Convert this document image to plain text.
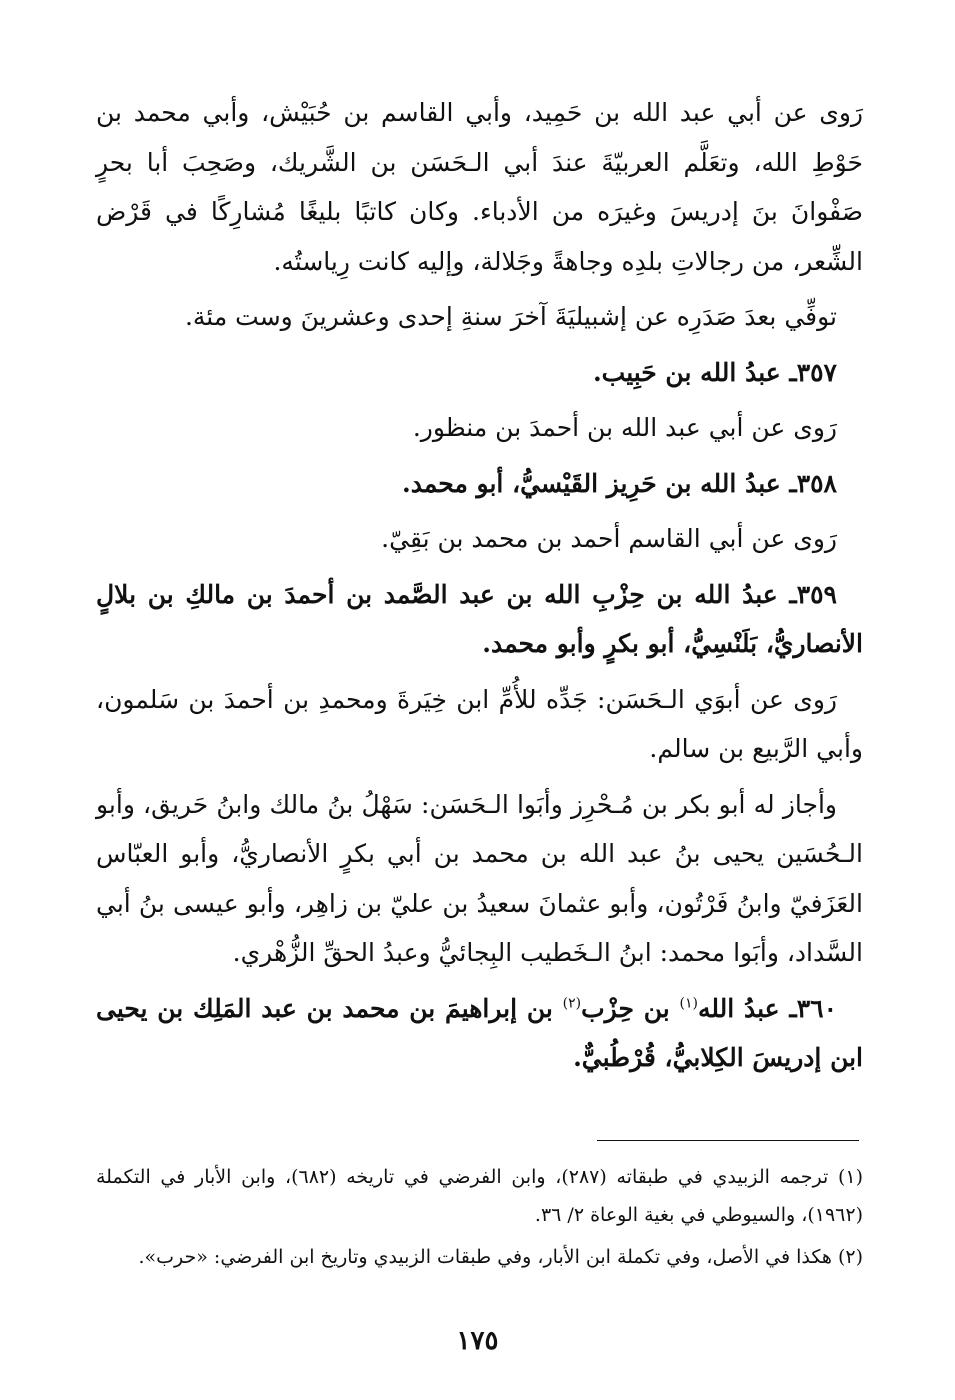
رَوى عن أبي عبد الله بن حَمِيد، وأبي القاسم بن حُبَيْش، وأبي محمد بن حَوْطِ الله، وتعَلَّم العربيّةَ عندَ أبي الـحَسَن بن الشَّريك، وصَحِبَ أبا بحرٍ صَفْوانَ بنَ إدريسَ وغيرَه من الأدباء. وكان كاتبًا بليغًا مُشارِكًا في قَرْض الشِّعر، من رجالاتِ بلدِه وجاهةً وجَلالة، وإليه كانت رِياستُه.

توفِّي بعدَ صَدَرِه عن إشبيليَةَ آخرَ سنةِ إحدى وعشرينَ وست مئة.

٣٥٧ـ عبدُ الله بن حَبِيب.

رَوى عن أبي عبد الله بن أحمدَ بن منظور.

٣٥٨ـ عبدُ الله بن حَرِيز القَيْسيُّ، أبو محمد.

رَوى عن أبي القاسم أحمد بن محمد بن بَقِيّ.

٣٥٩ـ عبدُ الله بن حِزْبِ الله بن عبد الصَّمد بن أحمدَ بن مالكِ بن بلالٍ الأنصاريُّ، بَلَنْسِيُّ، أبو بكرٍ وأبو محمد.

رَوى عن أبوَي الـحَسَن: جَدِّه للأُمِّ ابن خِيَرةَ ومحمدِ بن أحمدَ بن سَلمون، وأبي الرَّبيع بن سالم.

وأجاز له أبو بكر بن مُـحْرِز وأبَوا الـحَسَن: سَهْلُ بنُ مالك وابنُ حَريق، وأبو الـحُسَين يحيى بنُ عبد الله بن محمد بن أبي بكرٍ الأنصاريُّ، وأبو العبّاس العَزَفيّ وابنُ فَرْتُون، وأبو عثمانَ سعيدُ بن عليّ بن زاهِر، وأبو عيسى بنُ أبي السَّداد، وأبَوا محمد: ابنُ الـخَطيب البِجائيُّ وعبدُ الحقِّ الزُّهْري.

٣٦٠ـ عبدُ الله$^{(١)}$ بن حِزْب$^{(٢)}$ بن إبراهيمَ بن محمد بن عبد المَلِك بن يحيى ابن إدريسَ الكِلابيُّ، قُرْطُبيٌّ.

(١) ترجمه الزبيدي في طبقاته (٢٨٧)، وابن الفرضي في تاريخه (٦٨٢)، وابن الأبار في التكملة (١٩٦٢)، والسيوطي في بغية الوعاة ٢/ ٣٦.

(٢) هكذا في الأصل، وفي تكملة ابن الأبار، وفي طبقات الزبيدي وتاريخ ابن الفرضي: «حرب».

١٧٥
